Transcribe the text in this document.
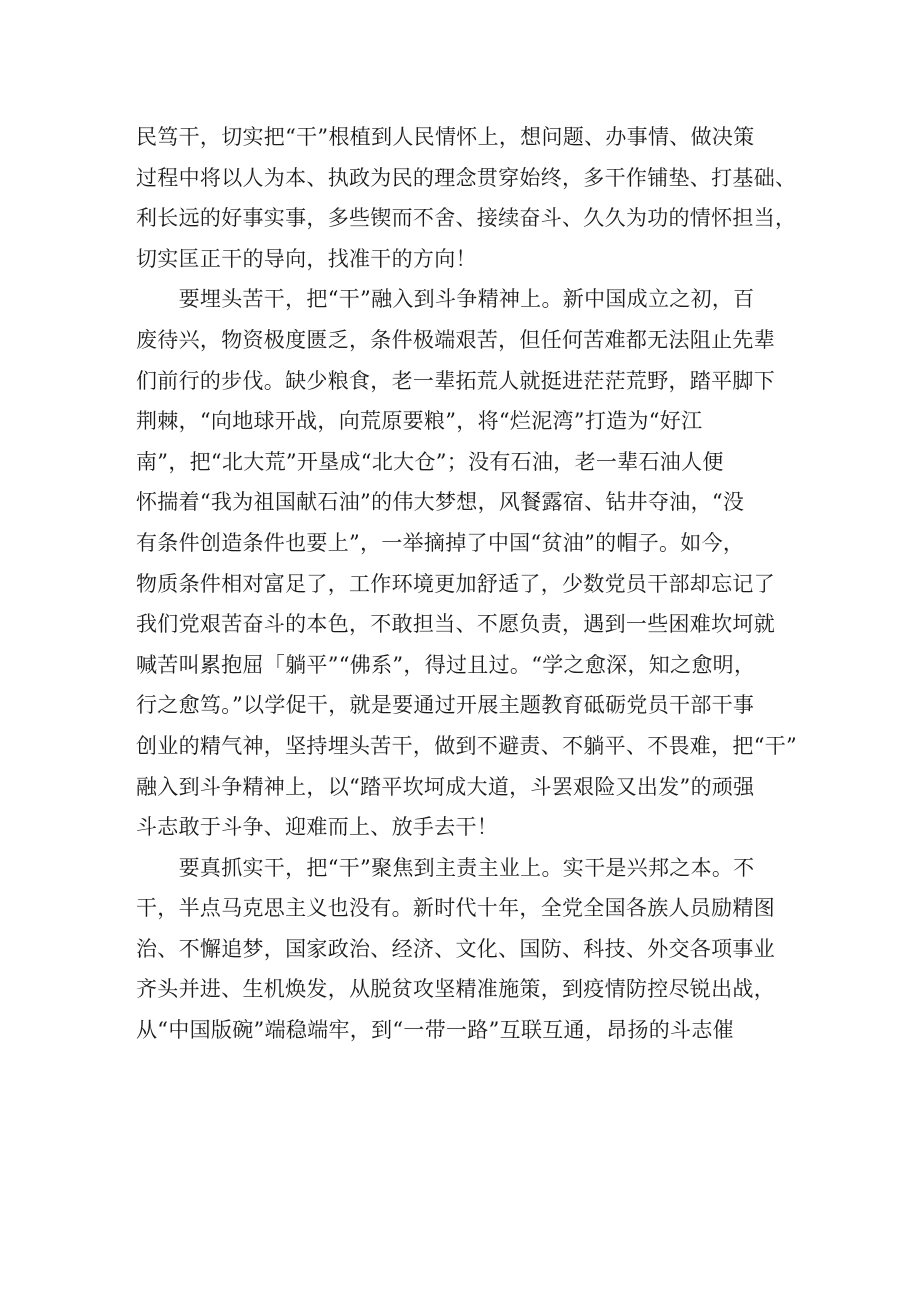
民笃干，切实把“干”根植到人民情怀上，想问题、办事情、做决策
过程中将以人为本、执政为民的理念贯穿始终，多干作铺垫、打基础、
利长远的好事实事，多些锲而不舍、接续奋斗、久久为功的情怀担当，
切实匡正干的导向，找准干的方向！
　　要埋头苦干，把“干”融入到斗争精神上。新中国成立之初，百
废待兴，物资极度匮乏，条件极端艰苦，但任何苦难都无法阻止先辈
们前行的步伐。缺少粮食，老一辈拓荒人就挺进茫茫荒野，踏平脚下
荆棘，“向地球开战，向荒原要粮”，将“烂泥湾”打造为“好江
南”，把“北大荒”开垦成“北大仓”；没有石油，老一辈石油人便
怀揣着“我为祖国献石油”的伟大梦想，风餐露宿、钻井夺油，“没
有条件创造条件也要上”，一举摘掉了中国“贫油”的帽子。如今，
物质条件相对富足了，工作环境更加舒适了，少数党员干部却忘记了
我们党艰苦奋斗的本色，不敢担当、不愿负责，遇到一些困难坎坷就
喊苦叫累抱屈「躺平”“佛系”，得过且过。“学之愈深，知之愈明，
行之愈笃。”以学促干，就是要通过开展主题教育砥砺党员干部干事
创业的精气神，坚持埋头苦干，做到不避责、不躺平、不畏难，把“干”
融入到斗争精神上，以“踏平坎坷成大道，斗罢艰险又出发”的顽强
斗志敢于斗争、迎难而上、放手去干！
　　要真抓实干，把“干”聚焦到主责主业上。实干是兴邦之本。不
干，半点马克思主义也没有。新时代十年，全党全国各族人员励精图
治、不懈追梦，国家政治、经济、文化、国防、科技、外交各项事业
齐头并进、生机焕发，从脱贫攻坚精准施策，到疫情防控尽锐出战，
从“中国版碗”端稳端牢，到“一带一路”互联互通，昂扬的斗志催
